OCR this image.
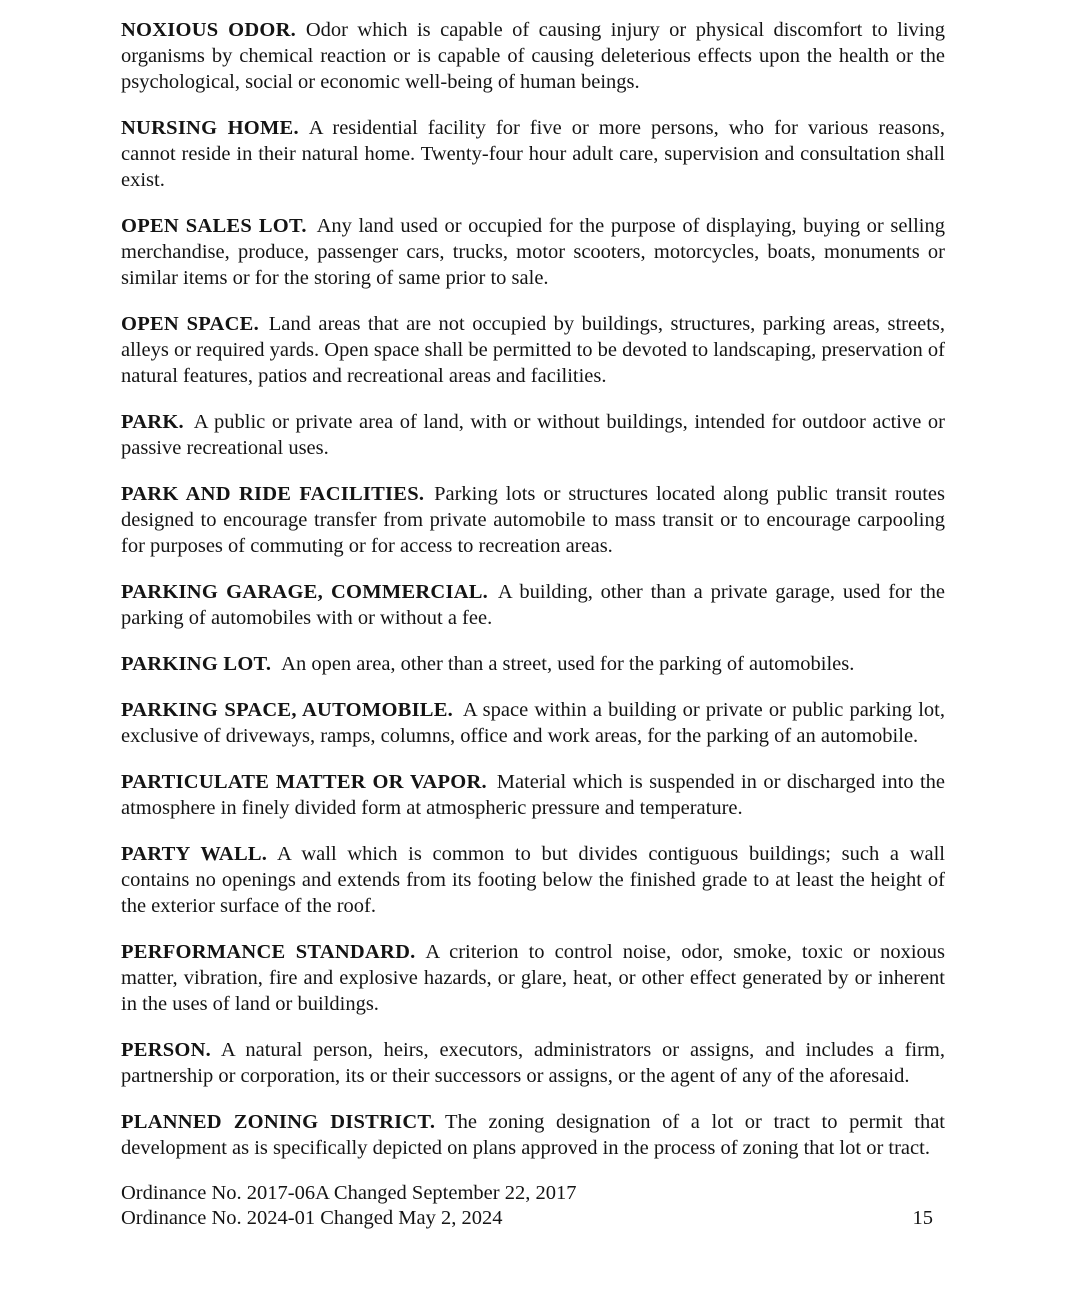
NOXIOUS ODOR. Odor which is capable of causing injury or physical discomfort to living organisms by chemical reaction or is capable of causing deleterious effects upon the health or the psychological, social or economic well-being of human beings.

NURSING HOME. A residential facility for five or more persons, who for various reasons, cannot reside in their natural home. Twenty-four hour adult care, supervision and consultation shall exist.

OPEN SALES LOT. Any land used or occupied for the purpose of displaying, buying or selling merchandise, produce, passenger cars, trucks, motor scooters, motorcycles, boats, monuments or similar items or for the storing of same prior to sale.

OPEN SPACE. Land areas that are not occupied by buildings, structures, parking areas, streets, alleys or required yards. Open space shall be permitted to be devoted to landscaping, preservation of natural features, patios and recreational areas and facilities.

PARK. A public or private area of land, with or without buildings, intended for outdoor active or passive recreational uses.

PARK AND RIDE FACILITIES. Parking lots or structures located along public transit routes designed to encourage transfer from private automobile to mass transit or to encourage carpooling for purposes of commuting or for access to recreation areas.

PARKING GARAGE, COMMERCIAL. A building, other than a private garage, used for the parking of automobiles with or without a fee.

PARKING LOT. An open area, other than a street, used for the parking of automobiles.

PARKING SPACE, AUTOMOBILE. A space within a building or private or public parking lot, exclusive of driveways, ramps, columns, office and work areas, for the parking of an automobile.

PARTICULATE MATTER OR VAPOR. Material which is suspended in or discharged into the atmosphere in finely divided form at atmospheric pressure and temperature.

PARTY WALL. A wall which is common to but divides contiguous buildings; such a wall contains no openings and extends from its footing below the finished grade to at least the height of the exterior surface of the roof.

PERFORMANCE STANDARD. A criterion to control noise, odor, smoke, toxic or noxious matter, vibration, fire and explosive hazards, or glare, heat, or other effect generated by or inherent in the uses of land or buildings.

PERSON. A natural person, heirs, executors, administrators or assigns, and includes a firm, partnership or corporation, its or their successors or assigns, or the agent of any of the aforesaid.

PLANNED ZONING DISTRICT. The zoning designation of a lot or tract to permit that development as is specifically depicted on plans approved in the process of zoning that lot or tract.

Ordinance No. 2017-06A Changed September 22, 2017
Ordinance No. 2024-01 Changed May 2, 2024	15
